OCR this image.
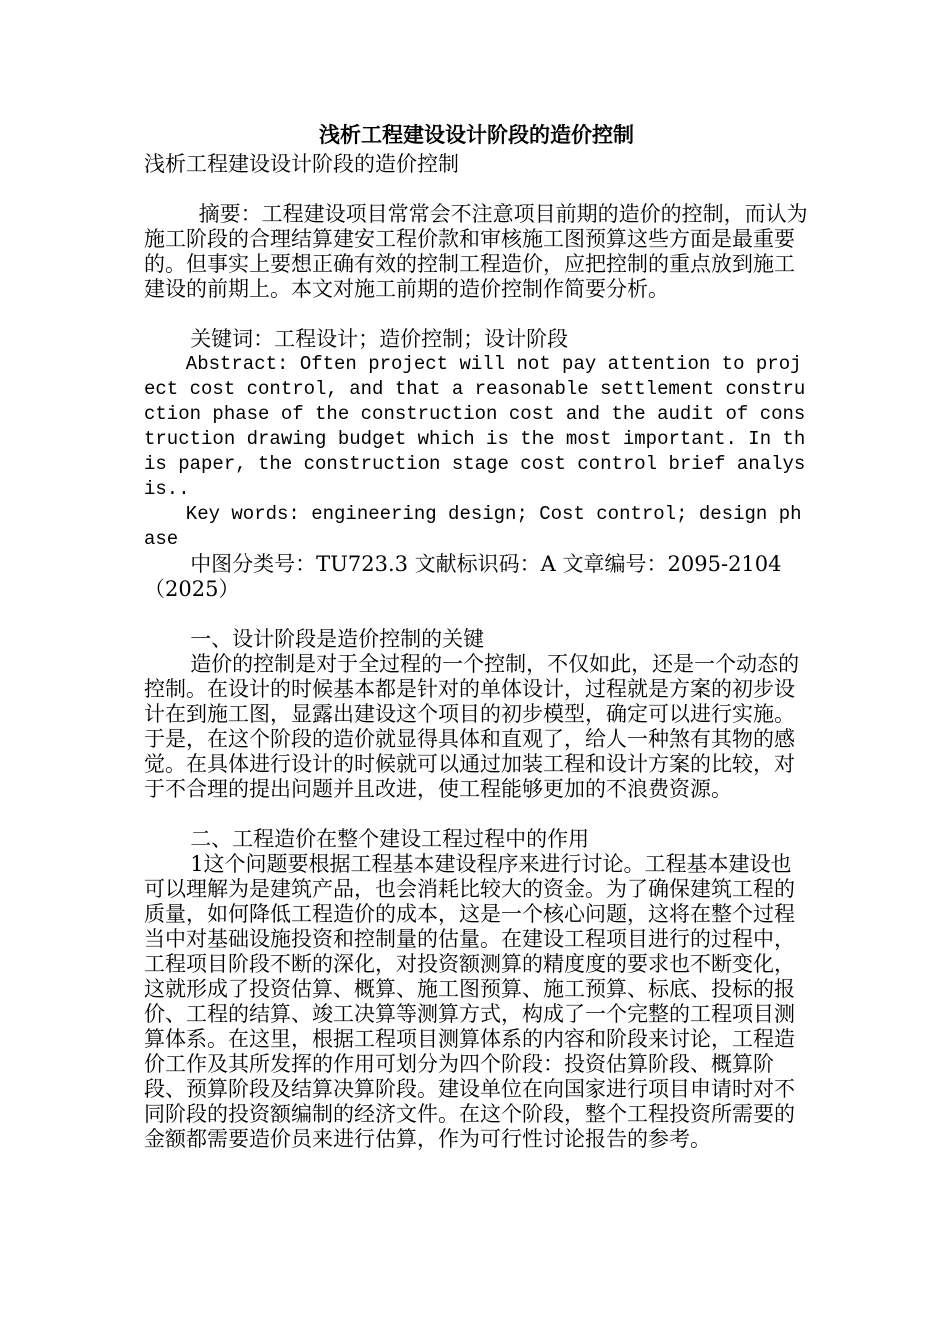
浅析工程建设设计阶段的造价控制

浅析工程建设设计阶段的造价控制

摘要：工程建设项目常常会不注意项目前期的造价的控制，而认为施工阶段的合理结算建安工程价款和审核施工图预算这些方面是最重要的。但事实上要想正确有效的控制工程造价，应把控制的重点放到施工建设的前期上。本文对施工前期的造价控制作简要分析。

关键词：工程设计；造价控制；设计阶段

Abstract: Often project will not pay attention to project cost control, and that a reasonable settlement construction phase of the construction cost and the audit of construction drawing budget which is the most important. In this paper, the construction stage cost control brief analysis..

Key words: engineering design; Cost control; design phase

中图分类号：TU723.3 文献标识码：A 文章编号：2095-2104（2025）

一、设计阶段是造价控制的关键

造价的控制是对于全过程的一个控制，不仅如此，还是一个动态的控制。在设计的时候基本都是针对的单体设计，过程就是方案的初步设计在到施工图，显露出建设这个项目的初步模型，确定可以进行实施。于是，在这个阶段的造价就显得具体和直观了，给人一种煞有其物的感觉。在具体进行设计的时候就可以通过加装工程和设计方案的比较，对于不合理的提出问题并且改进，使工程能够更加的不浪费资源。

二、工程造价在整个建设工程过程中的作用

1这个问题要根据工程基本建设程序来进行讨论。工程基本建设也可以理解为是建筑产品，也会消耗比较大的资金。为了确保建筑工程的质量，如何降低工程造价的成本，这是一个核心问题，这将在整个过程当中对基础设施投资和控制量的估量。在建设工程项目进行的过程中，工程项目阶段不断的深化，对投资额测算的精度度的要求也不断变化，这就形成了投资估算、概算、施工图预算、施工预算、标底、投标的报价、工程的结算、竣工决算等测算方式，构成了一个完整的工程项目测算体系。在这里，根据工程项目测算体系的内容和阶段来讨论，工程造价工作及其所发挥的作用可划分为四个阶段：投资估算阶段、概算阶段、预算阶段及结算决算阶段。建设单位在向国家进行项目申请时对不同阶段的投资额编制的经济文件。在这个阶段，整个工程投资所需要的金额都需要造价员来进行估算，作为可行性讨论报告的参考。
